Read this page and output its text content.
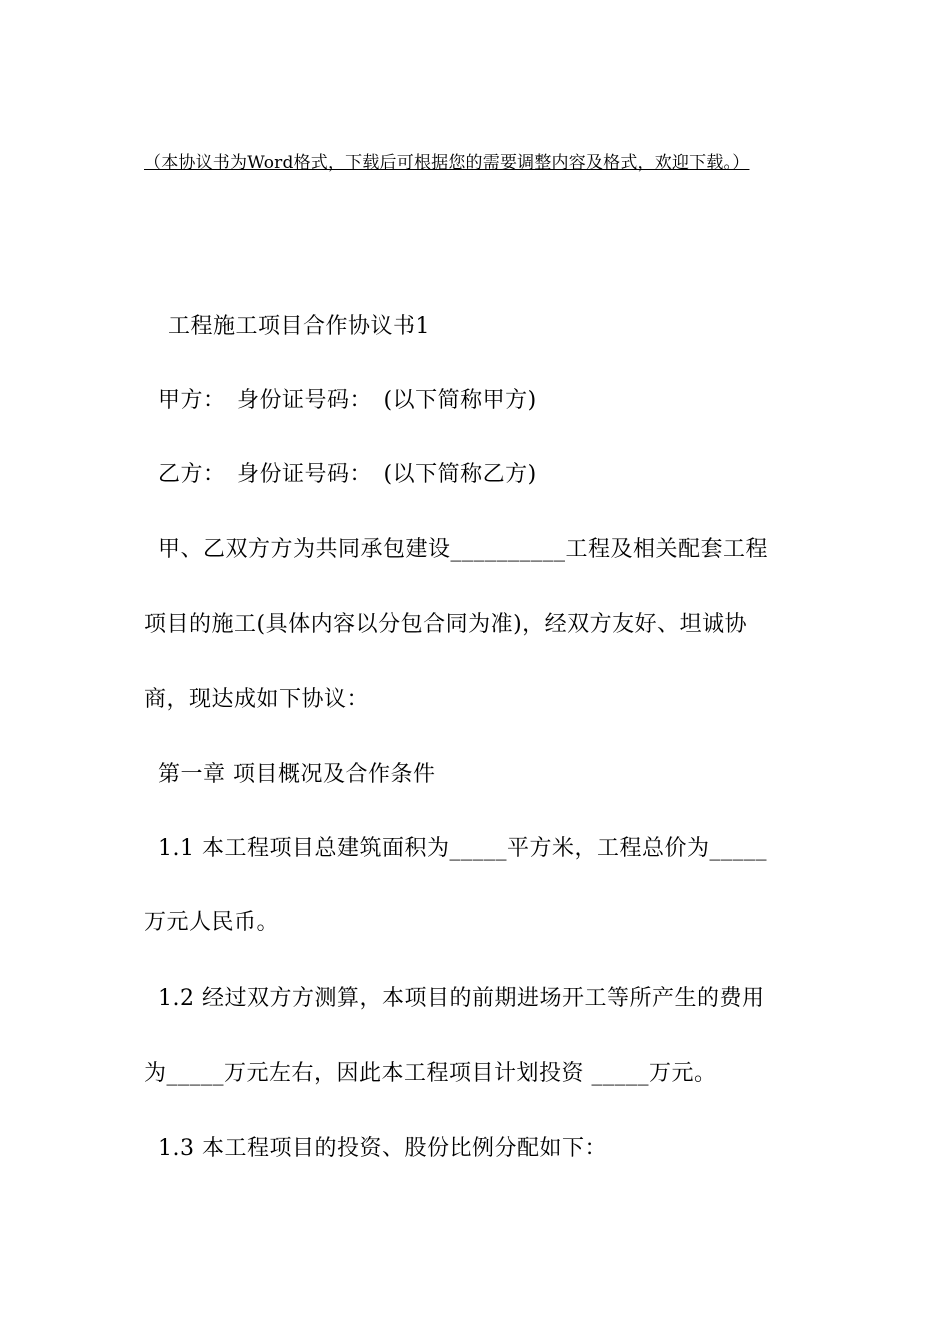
（本协议书为Word格式，下载后可根据您的需要调整内容及格式，欢迎下载。）
工程施工项目合作协议书1
甲方：　身份证号码：　(以下简称甲方)
乙方：　身份证号码：　(以下简称乙方)
甲、乙双方方为共同承包建设__________工程及相关配套工程
项目的施工(具体内容以分包合同为准)，经双方友好、坦诚协
商，现达成如下协议：
第一章 项目概况及合作条件
1.1 本工程项目总建筑面积为_____平方米，工程总价为_____
万元人民币。
1.2 经过双方方测算，本项目的前期进场开工等所产生的费用
为_____万元左右，因此本工程项目计划投资 _____万元。
1.3 本工程项目的投资、股份比例分配如下：
